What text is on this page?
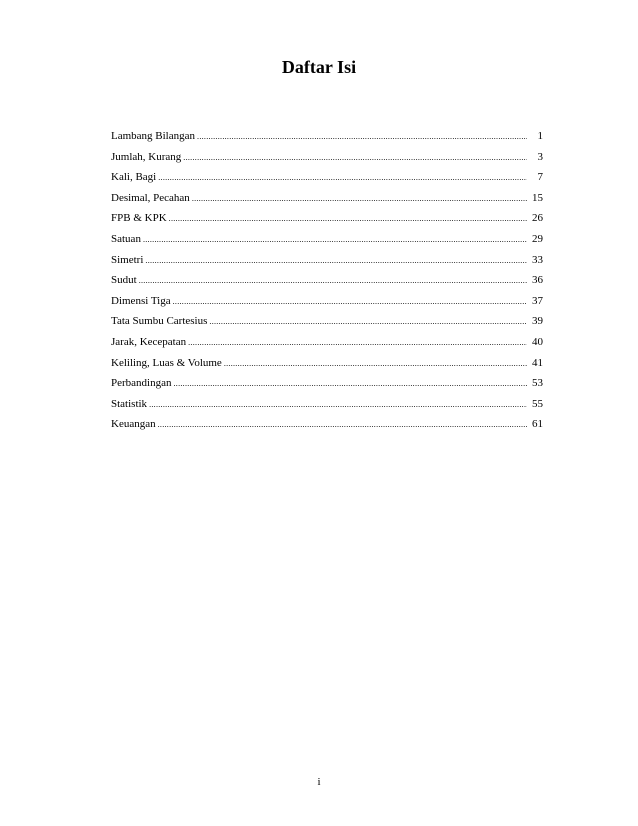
Daftar Isi
Lambang Bilangan .....	1
Jumlah, Kurang .....	3
Kali, Bagi .....	7
Desimal, Pecahan .....	15
FPB & KPK .....	26
Satuan .....	29
Simetri .....	33
Sudut .....	36
Dimensi Tiga .....	37
Tata Sumbu Cartesius .....	39
Jarak, Kecepatan .....	40
Keliling, Luas & Volume .....	41
Perbandingan .....	53
Statistik .....	55
Keuangan .....	61
i
